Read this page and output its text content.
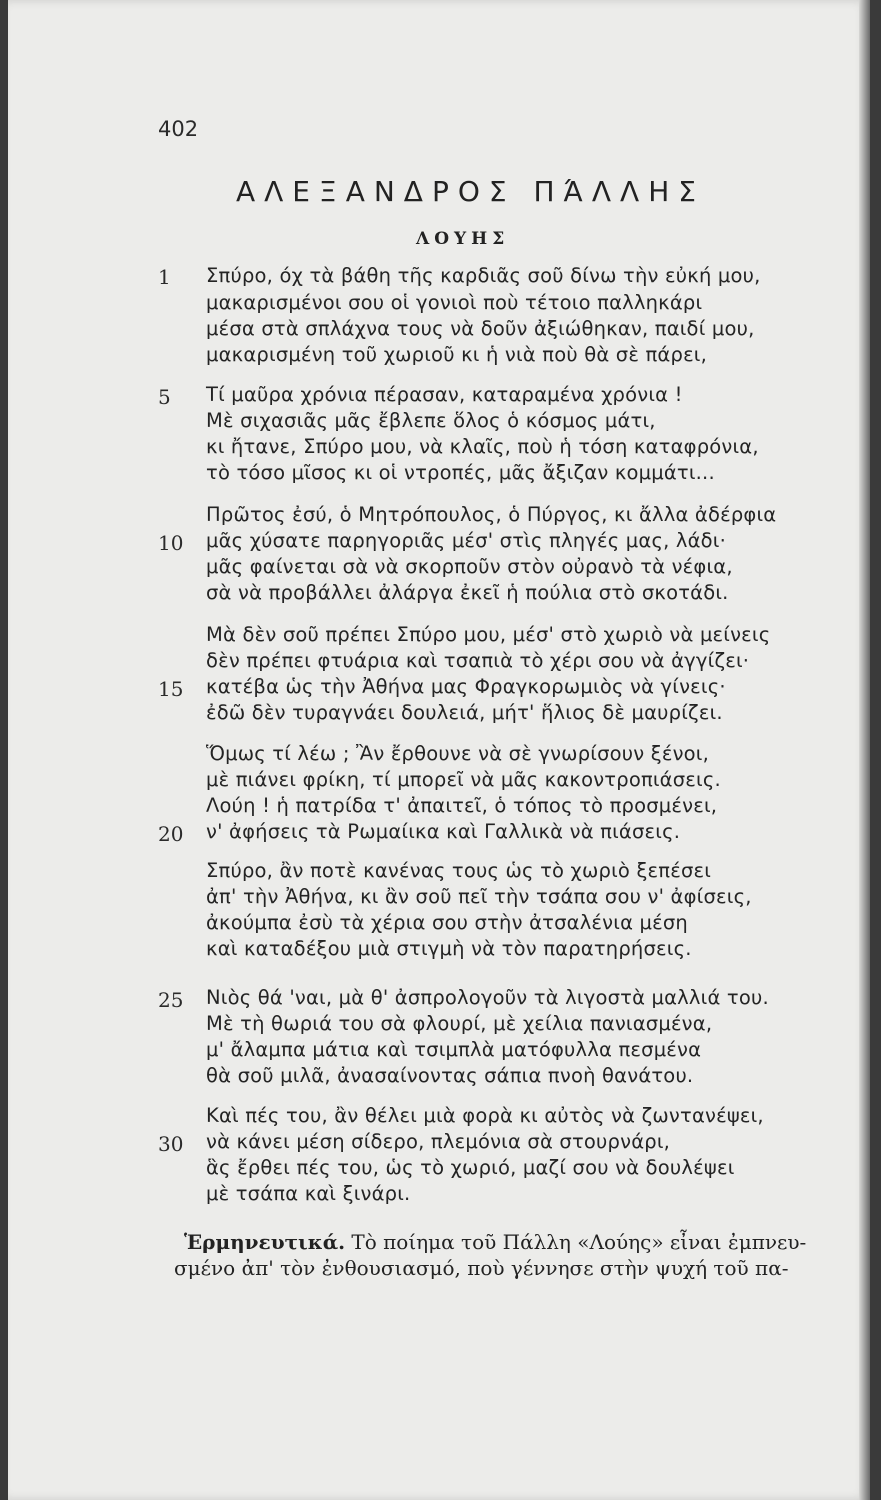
402
ΑΛΕΞΑΝΔΡΟΣ ΠΆΛΛΗΣ
ΛΟΥΗΣ
1 Σπύρο, όχ τὰ βάθη τῆς καρδιᾶς σοῦ δίνω τὴν εὐκή μου,
μακαρισμένοι σου οἱ γονιοὶ ποὺ τέτοιο παλληκάρι
μέσα στὰ σπλάχνα τους νὰ δοῦν ἀξιώθηκαν, παιδί μου,
μακαρισμένη τοῦ χωριοῦ κι ἡ νιὰ ποὺ θὰ σὲ πάρει,
5 Τί μαῦρα χρόνια πέρασαν, καταραμένα χρόνια !
Μὲ σιχασιᾶς μᾶς ἔβλεπε ὅλος ὁ κόσμος μάτι,
κι ἤτανε, Σπύρο μου, νὰ κλαῖς, ποὺ ἡ τόση καταφρόνια,
τὸ τόσο μῖσος κι οἱ ντροπές, μᾶς ἄξιζαν κομμάτι...
Πρῶτος ἐσύ, ὁ Μητρόπουλος, ὁ Πύργος, κι ἄλλα ἀδέρφια
10 μᾶς χύσατε παρηγοριᾶς μέσ' στὶς πληγές μας, λάδι·
μᾶς φαίνεται σὰ νὰ σκορποῦν στὸν οὐρανὸ τὰ νέφια,
σὰ νὰ προβάλλει ἀλάργα ἐκεῖ ἡ πούλια στὸ σκοτάδι.
Μὰ δὲν σοῦ πρέπει Σπύρο μου, μέσ' στὸ χωριὸ νὰ μείνεις
δὲν πρέπει φτυάρια καὶ τσαπιὰ τὸ χέρι σου νὰ ἀγγίζει·
15 κατέβα ὡς τὴν Ἀθήνα μας Φραγκορωμιὸς νὰ γίνεις·
ἐδῶ δὲν τυραγνάει δουλειά, μήτ' ἥλιος δὲ μαυρίζει.
Ὅμως τί λέω ; Ἂν ἔρθουνε νὰ σὲ γνωρίσουν ξένοι,
μὲ πιάνει φρίκη, τί μπορεῖ νὰ μᾶς κακοντροπιάσεις.
Λούη ! ἡ πατρίδα τ' ἀπαιτεῖ, ὁ τόπος τὸ προσμένει,
20 ν' ἀφήσεις τὰ Ρωμαίικα καὶ Γαλλικὰ νὰ πιάσεις.
Σπύρο, ἂν ποτὲ κανένας τους ὡς τὸ χωριὸ ξεπέσει
ἀπ' τὴν Ἀθήνα, κι ἂν σοῦ πεῖ τὴν τσάπα σου ν' ἀφίσεις,
ἀκούμπα ἐσὺ τὰ χέρια σου στὴν ἀτσαλένια μέση
καὶ καταδέξου μιὰ στιγμὴ νὰ τὸν παρατηρήσεις.
25 Νιὸς θά 'ναι, μὰ θ' ἀσπρολογοῦν τὰ λιγοστὰ μαλλιά του.
Μὲ τὴ θωριά του σὰ φλουρί, μὲ χείλια πανιασμένα,
μ' ἄλαμπα μάτια καὶ τσιμπλὰ ματόφυλλα πεσμένα
θὰ σοῦ μιλᾶ, ἀνασαίνοντας σάπια πνοὴ θανάτου.
Καὶ πές του, ἂν θέλει μιὰ φορὰ κι αὐτὸς νὰ ζωντανέψει,
30 νὰ κάνει μέση σίδερο, πλεμόνια σὰ στουρνάρι,
ἃς ἔρθει πές του, ὡς τὸ χωριό, μαζί σου νὰ δουλέψει
μὲ τσάπα καὶ ξινάρι.
Ἑρμηνευτικά. Τὸ ποίημα τοῦ Πάλλη «Λούης» εἶναι ἐμπνευ-
σμένο ἀπ' τὸν ἐνθουσιασμό, ποὺ γέννησε στὴν ψυχή τοῦ πα-
